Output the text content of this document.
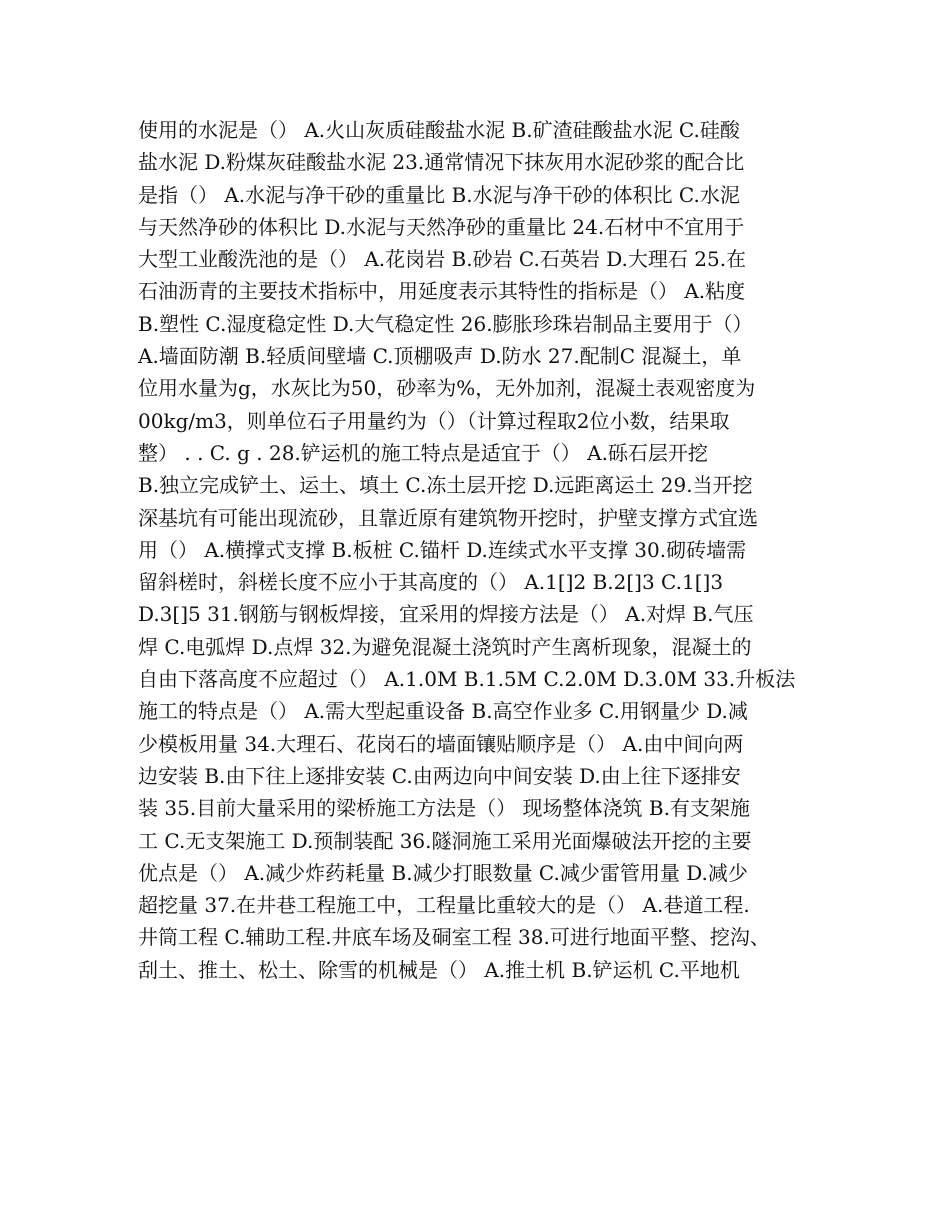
使用的水泥是（） A.火山灰质硅酸盐水泥 B.矿渣硅酸盐水泥 C.硅酸
盐水泥 D.粉煤灰硅酸盐水泥 23.通常情况下抹灰用水泥砂浆的配合比
是指（） A.水泥与净干砂的重量比 B.水泥与净干砂的体积比 C.水泥
与天然净砂的体积比 D.水泥与天然净砂的重量比 24.石材中不宜用于
大型工业酸洗池的是（） A.花岗岩 B.砂岩 C.石英岩 D.大理石 25.在
石油沥青的主要技术指标中，用延度表示其特性的指标是（） A.粘度
B.塑性 C.湿度稳定性 D.大气稳定性 26.膨胀珍珠岩制品主要用于（）
A.墙面防潮 B.轻质间壁墙 C.顶棚吸声 D.防水 27.配制C 混凝土，单
位用水量为g，水灰比为50，砂率为%，无外加剂，混凝土表观密度为
00kg/m3，则单位石子用量约为（）（计算过程取2位小数，结果取
整） . . C. g . 28.铲运机的施工特点是适宜于（） A.砾石层开挖
B.独立完成铲土、运土、填土 C.冻土层开挖 D.远距离运土 29.当开挖
深基坑有可能出现流砂，且靠近原有建筑物开挖时，护壁支撑方式宜选
用（） A.横撑式支撑 B.板桩 C.锚杆 D.连续式水平支撑 30.砌砖墙需
留斜槎时，斜槎长度不应小于其高度的（） A.1[]2 B.2[]3 C.1[]3
D.3[]5 31.钢筋与钢板焊接，宜采用的焊接方法是（） A.对焊 B.气压
焊 C.电弧焊 D.点焊 32.为避免混凝土浇筑时产生离析现象，混凝土的
自由下落高度不应超过（） A.1.0M B.1.5M C.2.0M D.3.0M 33.升板法
施工的特点是（） A.需大型起重设备 B.高空作业多 C.用钢量少 D.减
少模板用量 34.大理石、花岗石的墙面镶贴顺序是（） A.由中间向两
边安装 B.由下往上逐排安装 C.由两边向中间安装 D.由上往下逐排安
装 35.目前大量采用的梁桥施工方法是（） 现场整体浇筑 B.有支架施
工 C.无支架施工 D.预制装配 36.隧洞施工采用光面爆破法开挖的主要
优点是（） A.减少炸药耗量 B.减少打眼数量 C.减少雷管用量 D.减少
超挖量 37.在井巷工程施工中，工程量比重较大的是（） A.巷道工程.
井筒工程 C.辅助工程.井底车场及硐室工程 38.可进行地面平整、挖沟、
刮土、推土、松土、除雪的机械是（） A.推土机 B.铲运机 C.平地机
